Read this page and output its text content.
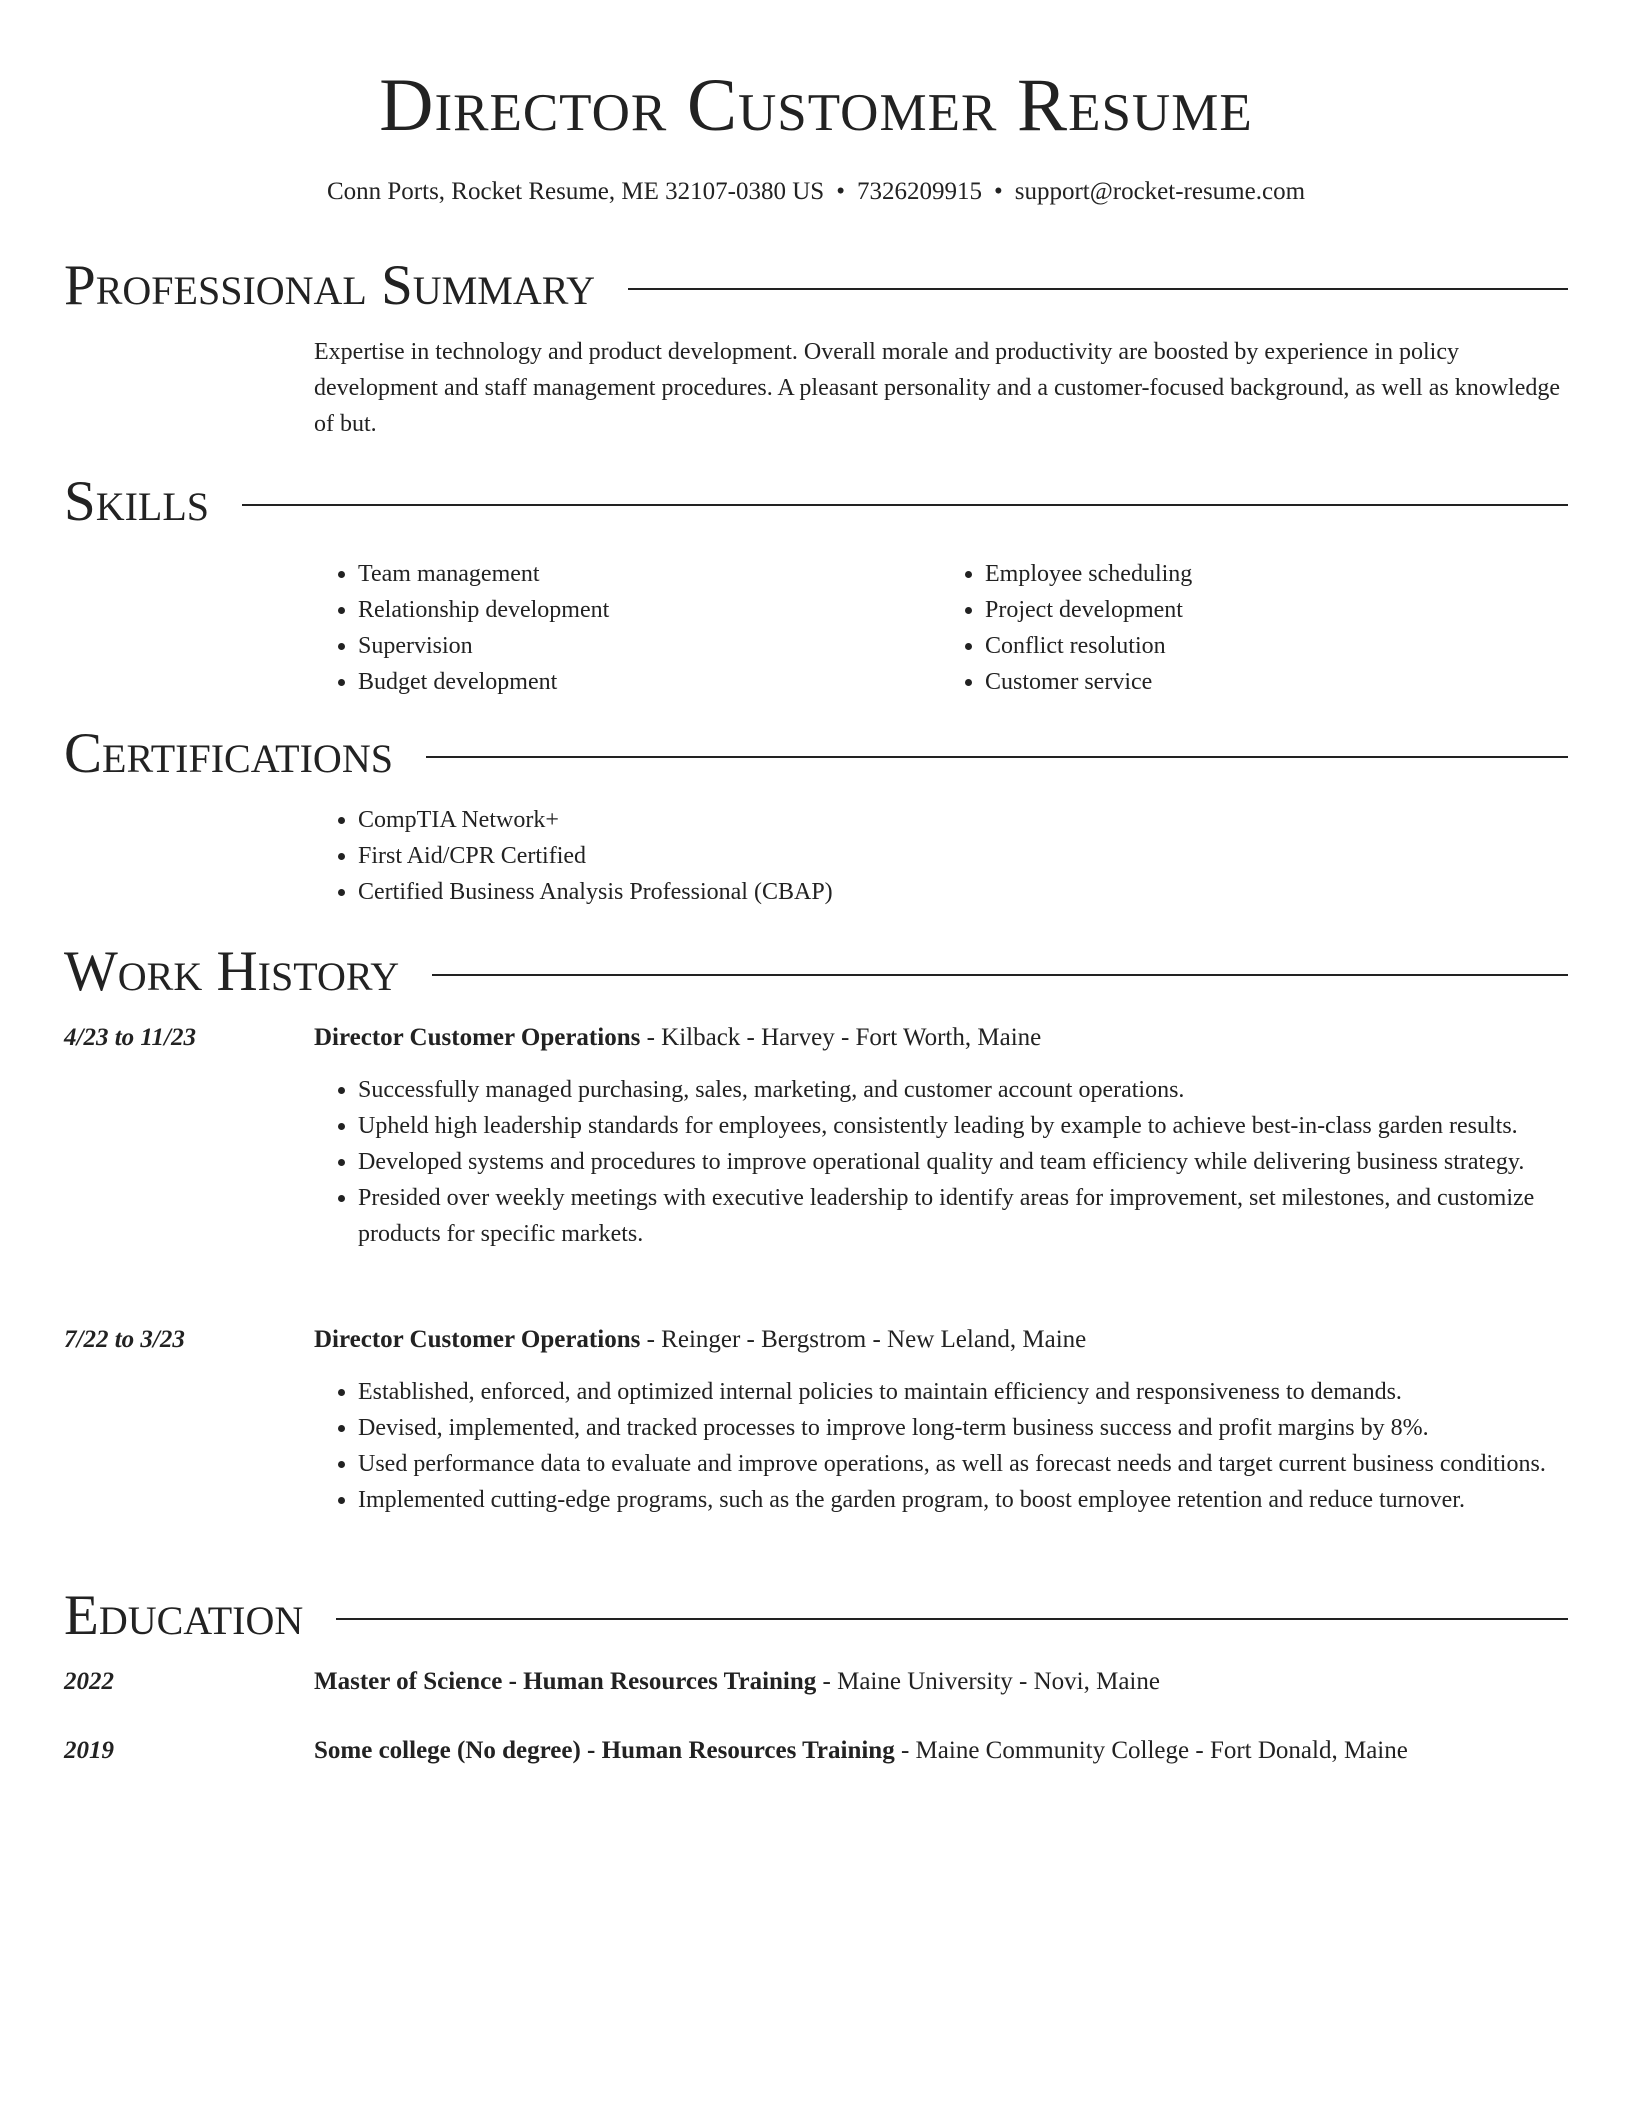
Director Customer Resume
Conn Ports, Rocket Resume, ME 32107-0380 US • 7326209915 • support@rocket-resume.com
Professional Summary

Expertise in technology and product development. Overall morale and productivity are boosted by experience in policy development and staff management procedures. A pleasant personality and a customer-focused background, as well as knowledge of but.

Skills
• Team management
• Relationship development
• Supervision
• Budget development
• Employee scheduling
• Project development
• Conflict resolution
• Customer service
Certifications
• CompTIA Network+
• First Aid/CPR Certified
• Certified Business Analysis Professional (CBAP)
Work History
4/23 to 11/23	Director Customer Operations - Kilback - Harvey - Fort Worth, Maine
• Successfully managed purchasing, sales, marketing, and customer account operations.
• Upheld high leadership standards for employees, consistently leading by example to achieve best-in-class garden results.
• Developed systems and procedures to improve operational quality and team efficiency while delivering business strategy.
• Presided over weekly meetings with executive leadership to identify areas for improvement, set milestones, and customize products for specific markets.
7/22 to 3/23	Director Customer Operations - Reinger - Bergstrom - New Leland, Maine
• Established, enforced, and optimized internal policies to maintain efficiency and responsiveness to demands.
• Devised, implemented, and tracked processes to improve long-term business success and profit margins by 8%.
• Used performance data to evaluate and improve operations, as well as forecast needs and target current business conditions.
• Implemented cutting-edge programs, such as the garden program, to boost employee retention and reduce turnover.
Education
2022	Master of Science - Human Resources Training - Maine University - Novi, Maine
2019	Some college (No degree) - Human Resources Training - Maine Community College - Fort Donald, Maine
